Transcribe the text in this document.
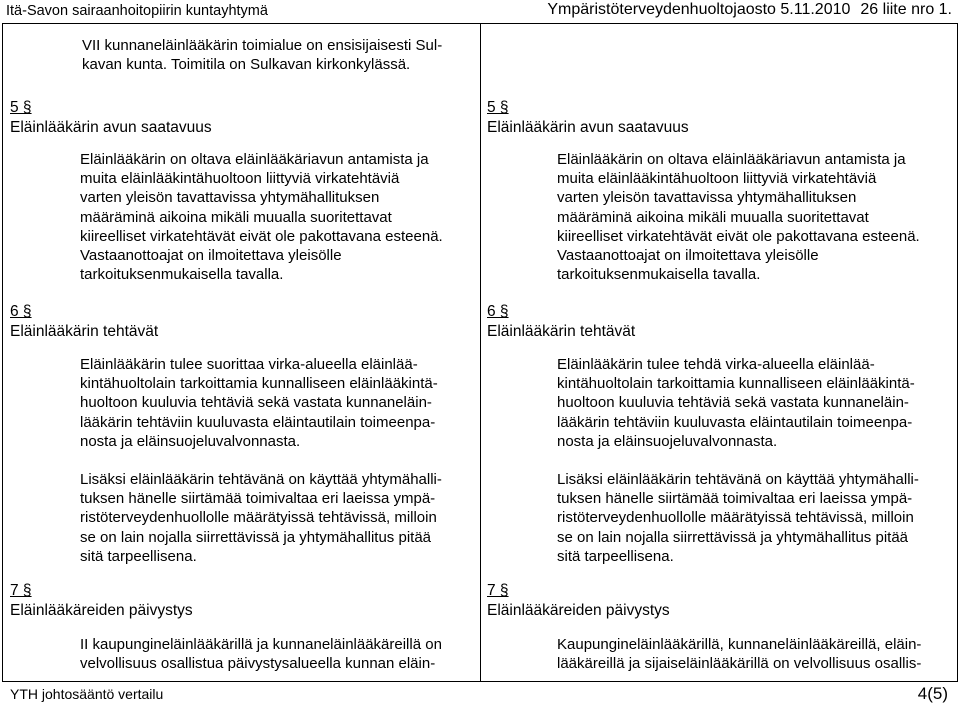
Itä-Savon sairaanhoitopiirin kuntayhtymä	Ympäristöterveydenhuoltojaosto 5.11.2010 26 liite nro 1.

VII kunnaneläinlääkärin toimialue on ensisijaisesti Sul-
kavan kunta. Toimitila on Sulkavan kirkonkylässä.

5 §
Eläinlääkärin avun saatavuus

Eläinlääkärin on oltava eläinlääkäriavun antamista ja
muita eläinlääkintähuoltoon liittyviä virkatehtäviä
varten yleisön tavattavissa yhtymähallituksen
määräminä aikoina mikäli muualla suoritettavat
kiireelliset virkatehtävät eivät ole pakottavana esteenä.
Vastaanottoajat on ilmoitettava yleisölle
tarkoituksenmukaisella tavalla.

6 §
Eläinlääkärin tehtävät

Eläinlääkärin tulee suorittaa virka-alueella eläinlää-
kintähuoltolain tarkoittamia kunnalliseen eläinlääkintä-
huoltoon kuuluvia tehtäviä sekä vastata kunnaneläin-
lääkärin tehtäviin kuuluvasta eläintautilain toimeenpa-
nosta ja eläinsuojeluvalvonnasta.

Lisäksi eläinlääkärin tehtävänä on käyttää yhtymähalli-
tuksen hänelle siirtämää toimivaltaa eri laeissa ympä-
ristöterveydenhuollolle määrätyissä tehtävissä, milloin
se on lain nojalla siirrettävissä ja yhtymähallitus pitää
sitä tarpeellisena.

7 §
Eläinlääkäreiden päivystys

II kaupungineläinlääkärillä ja kunnaneläinlääkäreillä on
velvollisuus osallistua päivystysalueella kunnan eläin-

5 §
Eläinlääkärin avun saatavuus

Eläinlääkärin on oltava eläinlääkäriavun antamista ja
muita eläinlääkintähuoltoon liittyviä virkatehtäviä
varten yleisön tavattavissa yhtymähallituksen
määräminä aikoina mikäli muualla suoritettavat
kiireelliset virkatehtävät eivät ole pakottavana esteenä.
Vastaanottoajat on ilmoitettava yleisölle
tarkoituksenmukaisella tavalla.

6 §
Eläinlääkärin tehtävät

Eläinlääkärin tulee tehdä virka-alueella eläinlää-
kintähuoltolain tarkoittamia kunnalliseen eläinlääkintä-
huoltoon kuuluvia tehtäviä sekä vastata kunnaneläin-
lääkärin tehtäviin kuuluvasta eläintautilain toimeenpa-
nosta ja eläinsuojeluvalvonnasta.

Lisäksi eläinlääkärin tehtävänä on käyttää yhtymähalli-
tuksen hänelle siirtämää toimivaltaa eri laeissa ympä-
ristöterveydenhuollolle määrätyissä tehtävissä, milloin
se on lain nojalla siirrettävissä ja yhtymähallitus pitää
sitä tarpeellisena.

7 §
Eläinlääkäreiden päivystys

Kaupungineläinlääkärillä, kunnaneläinlääkäreillä, eläin-
lääkäreillä ja sijaiseläinlääkärillä on velvollisuus osallis-

YTH johtosääntö vertailu	4(5)
